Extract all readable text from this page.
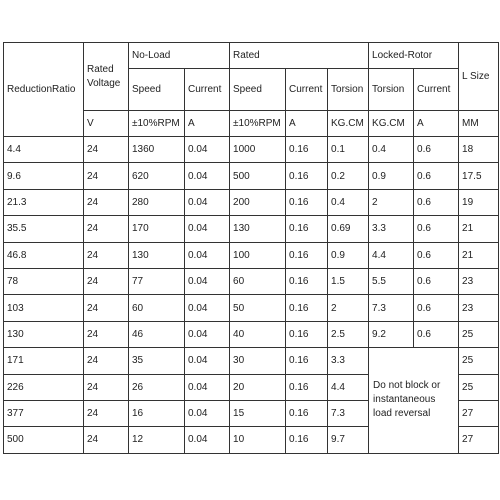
ReductionRatio	Rated Voltage	No-Load		Rated			Locked-Rotor		L Size
		Speed	Current	Speed	Current	Torsion	Torsion	Current	
	V	±10%RPM	A	±10%RPM	A	KG.CM	KG.CM	A	MM
4.4	24	1360	0.04	1000	0.16	0.1	0.4	0.6	18
9.6	24	620	0.04	500	0.16	0.2	0.9	0.6	17.5
21.3	24	280	0.04	200	0.16	0.4	2	0.6	19
35.5	24	170	0.04	130	0.16	0.69	3.3	0.6	21
46.8	24	130	0.04	100	0.16	0.9	4.4	0.6	21
78	24	77	0.04	60	0.16	1.5	5.5	0.6	23
103	24	60	0.04	50	0.16	2	7.3	0.6	23
130	24	46	0.04	40	0.16	2.5	9.2	0.6	25
171	24	35	0.04	30	0.16	3.3	Do not block or instantaneous load reversal		25
226	24	26	0.04	20	0.16	4.4			25
377	24	16	0.04	15	0.16	7.3			27
500	24	12	0.04	10	0.16	9.7			27
